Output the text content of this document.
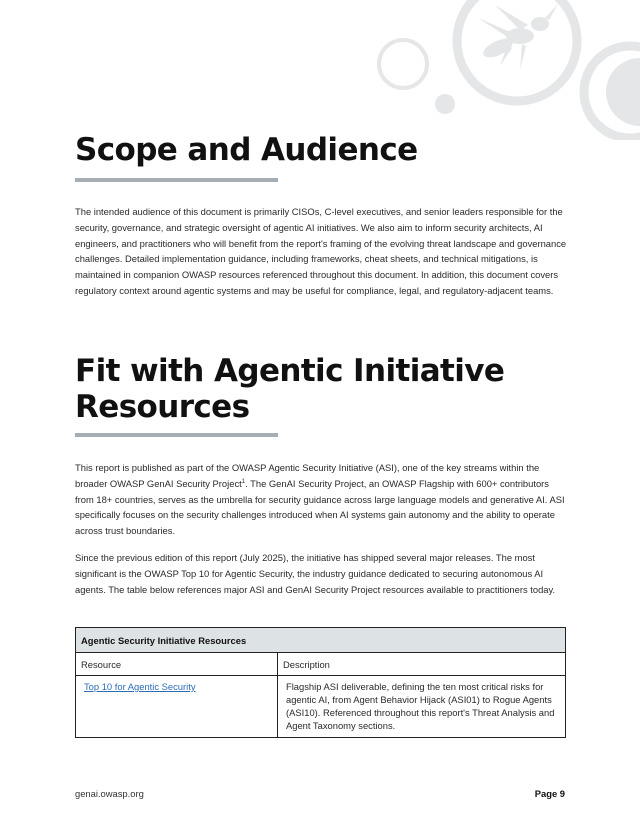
Scope and Audience

The intended audience of this document is primarily CISOs, C-level executives, and senior leaders responsible for the security, governance, and strategic oversight of agentic AI initiatives. We also aim to inform security architects, AI engineers, and practitioners who will benefit from the report's framing of the evolving threat landscape and governance challenges. Detailed implementation guidance, including frameworks, cheat sheets, and technical mitigations, is maintained in companion OWASP resources referenced throughout this document. In addition, this document covers regulatory context around agentic systems and may be useful for compliance, legal, and regulatory-adjacent teams.

Fit with Agentic Initiative
Resources

This report is published as part of the OWASP Agentic Security Initiative (ASI), one of the key streams within the broader OWASP GenAI Security Project$^1$. The GenAI Security Project, an OWASP Flagship with 600+ contributors from 18+ countries, serves as the umbrella for security guidance across large language models and generative AI. ASI specifically focuses on the security challenges introduced when AI systems gain autonomy and the ability to operate across trust boundaries.

Since the previous edition of this report (July 2025), the initiative has shipped several major releases. The most significant is the OWASP Top 10 for Agentic Security, the industry guidance dedicated to securing autonomous AI agents. The table below references major ASI and GenAI Security Project resources available to practitioners today.

Agentic Security Initiative Resources	
Resource	Description
Top 10 for Agentic Security	Flagship ASI deliverable, defining the ten most critical risks for agentic AI, from Agent Behavior Hijack (ASI01) to Rogue Agents (ASI10). Referenced throughout this report's Threat Analysis and Agent Taxonomy sections.
genai.owasp.org	Page 9
